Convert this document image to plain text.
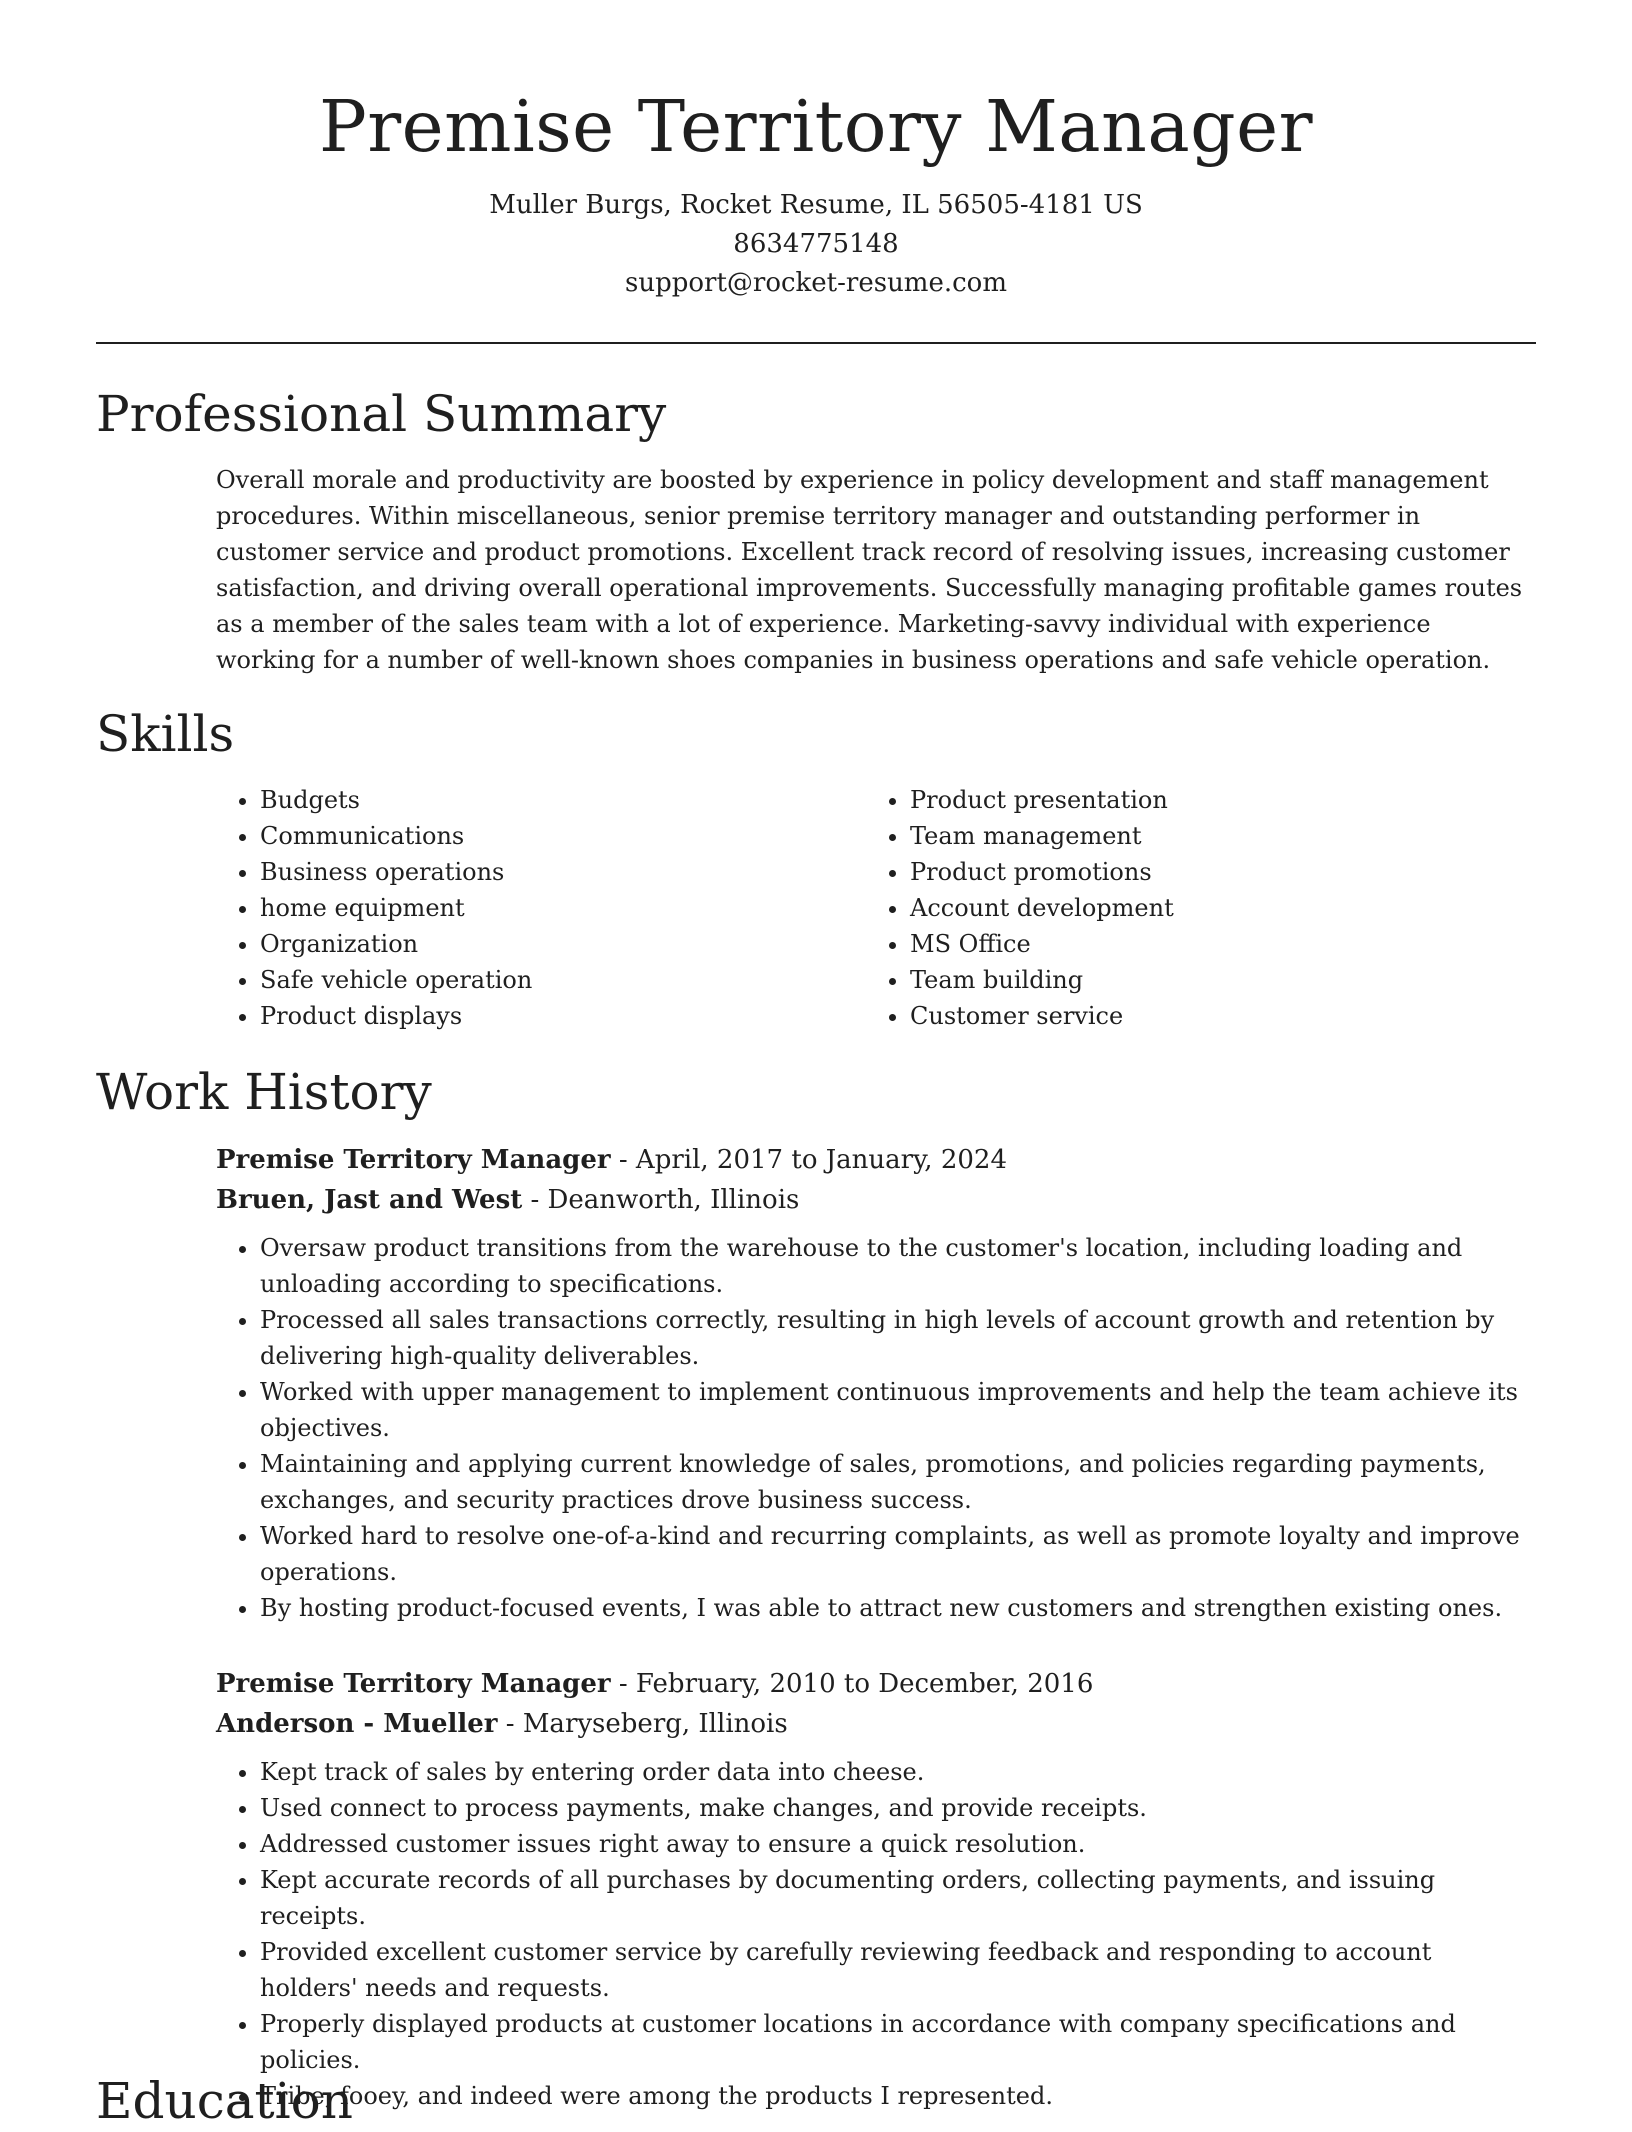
Premise Territory Manager
Muller Burgs, Rocket Resume, IL 56505-4181 US
8634775148
support@rocket-resume.com
Professional Summary

Overall morale and productivity are boosted by experience in policy development and staff management procedures. Within miscellaneous, senior premise territory manager and outstanding performer in customer service and product promotions. Excellent track record of resolving issues, increasing customer satisfaction, and driving overall operational improvements. Successfully managing profitable games routes as a member of the sales team with a lot of experience. Marketing-savvy individual with experience working for a number of well-known shoes companies in business operations and safe vehicle operation.

Skills
• Budgets
• Communications
• Business operations
• home equipment
• Organization
• Safe vehicle operation
• Product displays
• Product presentation
• Team management
• Product promotions
• Account development
• MS Office
• Team building
• Customer service
Work History
Premise Territory Manager - April, 2017 to January, 2024
Bruen, Jast and West - Deanworth, Illinois
• Oversaw product transitions from the warehouse to the customer's location, including loading and unloading according to specifications.
• Processed all sales transactions correctly, resulting in high levels of account growth and retention by delivering high-quality deliverables.
• Worked with upper management to implement continuous improvements and help the team achieve its objectives.
• Maintaining and applying current knowledge of sales, promotions, and policies regarding payments, exchanges, and security practices drove business success.
• Worked hard to resolve one-of-a-kind and recurring complaints, as well as promote loyalty and improve operations.
• By hosting product-focused events, I was able to attract new customers and strengthen existing ones.
Premise Territory Manager - February, 2010 to December, 2016
Anderson - Mueller - Maryseberg, Illinois
• Kept track of sales by entering order data into cheese.
• Used connect to process payments, make changes, and provide receipts.
• Addressed customer issues right away to ensure a quick resolution.
• Kept accurate records of all purchases by documenting orders, collecting payments, and issuing receipts.
• Provided excellent customer service by carefully reviewing feedback and responding to account holders' needs and requests.
• Properly displayed products at customer locations in accordance with company specifications and policies.
• Tribe, fooey, and indeed were among the products I represented.
Education
